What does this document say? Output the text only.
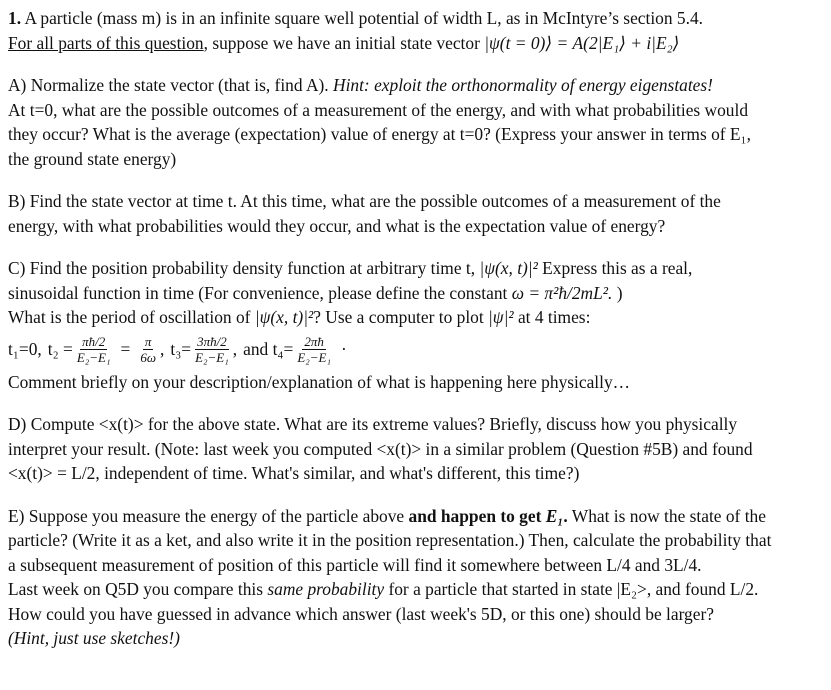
1. A particle (mass m) is in an infinite square well potential of width L, as in McIntyre’s section 5.4.
For all parts of this question, suppose we have an initial state vector |ψ(t = 0)⟩ = A(2|E₁⟩ + i|E₂⟩
A) Normalize the state vector (that is, find A). Hint: exploit the orthonormality of energy eigenstates!
At t=0, what are the possible outcomes of a measurement of the energy, and with what probabilities would
they occur? What is the average (expectation) value of energy at t=0? (Express your answer in terms of E₁,
the ground state energy)
B) Find the state vector at time t. At this time, what are the possible outcomes of a measurement of the
energy, with what probabilities would they occur, and what is the expectation value of energy?
C) Find the position probability density function at arbitrary time t, |ψ(x, t)|² Express this as a real,
sinusoidal function in time (For convenience, please define the constant ω = π²ħ/2mL². )
What is the period of oscillation of |ψ(x, t)|²? Use a computer to plot |ψ|² at 4 times:
t₁=0, $t_2 = \frac{\pi ħ/2}{\text{E₂−E₁}} = \frac{\pi}{6\omega}$ , $t_3= \frac{3\pi ħ/2}{\text{E₂−E₁}}$ , and $t_4= \frac{2\pi ħ}{\text{E₂−E₁}}$ ·
Comment briefly on your description/explanation of what is happening here physically…
D) Compute <x(t)> for the above state. What are its extreme values? Briefly, discuss how you physically
interpret your result. (Note: last week you computed <x(t)> in a similar problem (Question #5B) and found
<x(t)> = L/2, independent of time. What's similar, and what's different, this time?)
E) Suppose you measure the energy of the particle above and happen to get E₁. What is now the state of the
particle? (Write it as a ket, and also write it in the position representation.) Then, calculate the probability that
a subsequent measurement of position of this particle will find it somewhere between L/4 and 3L/4.
Last week on Q5D you compare this same probability for a particle that started in state |E₂>, and found L/2.
How could you have guessed in advance which answer (last week's 5D, or this one) should be larger?
(Hint, just use sketches!)
